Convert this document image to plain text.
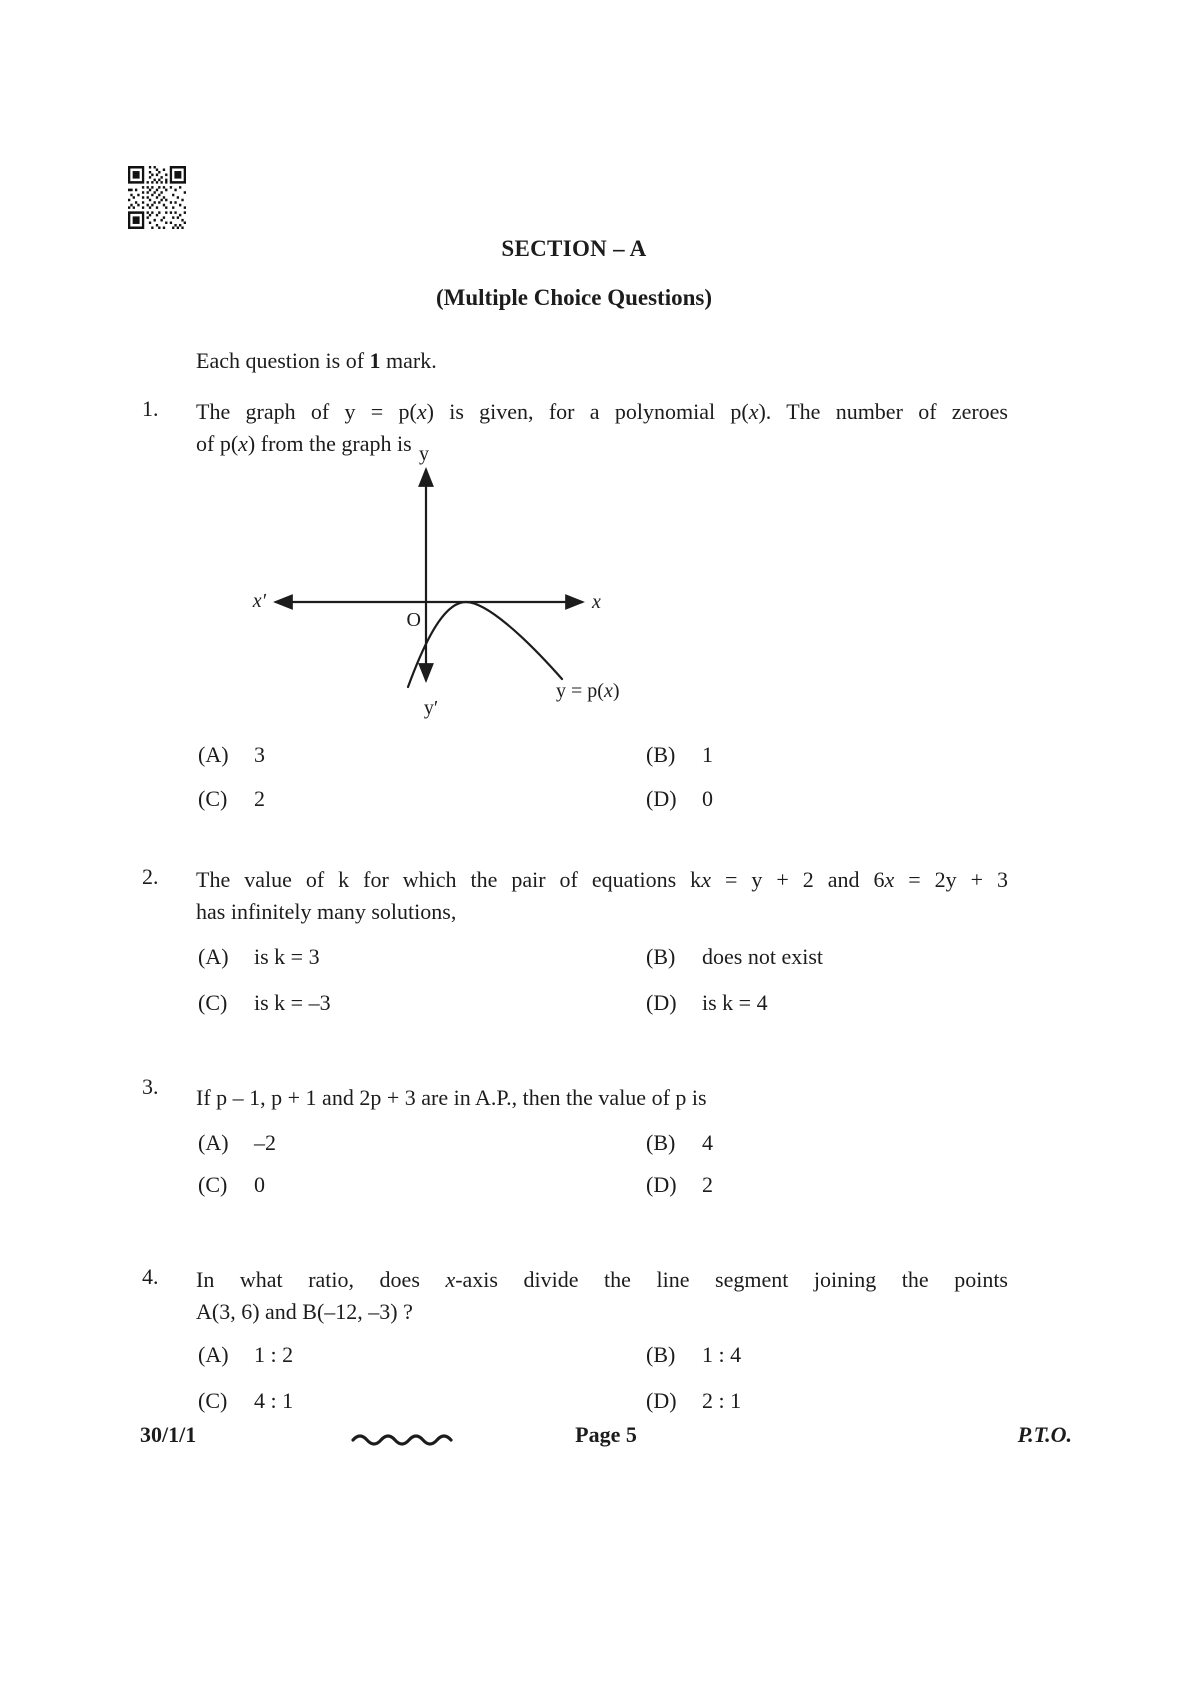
SECTION – A
(Multiple Choice Questions)
Each question is of 1 mark.
1. The graph of y = p(x) is given, for a polynomial p(x). The number of zeroes
of p(x) from the graph is y
y′
x′	x
O
y = p(x)
(A) 3	(B) 1
(C) 2	(D) 0
2. The value of k for which the pair of equations kx = y + 2 and 6x = 2y + 3
has infinitely many solutions,
(A) is k = 3	(B) does not exist
(C) is k = –3	(D) is k = 4
3. If p – 1, p + 1 and 2p + 3 are in A.P., then the value of p is
(A) –2	(B) 4
(C) 0	(D) 2
4. In what ratio, does x-axis divide the line segment joining the points
A(3, 6) and B(–12, –3) ?
(A) 1 : 2	(B) 1 : 4
(C) 4 : 1	(D) 2 : 1
30/1/1	Page 5	P.T.O.
